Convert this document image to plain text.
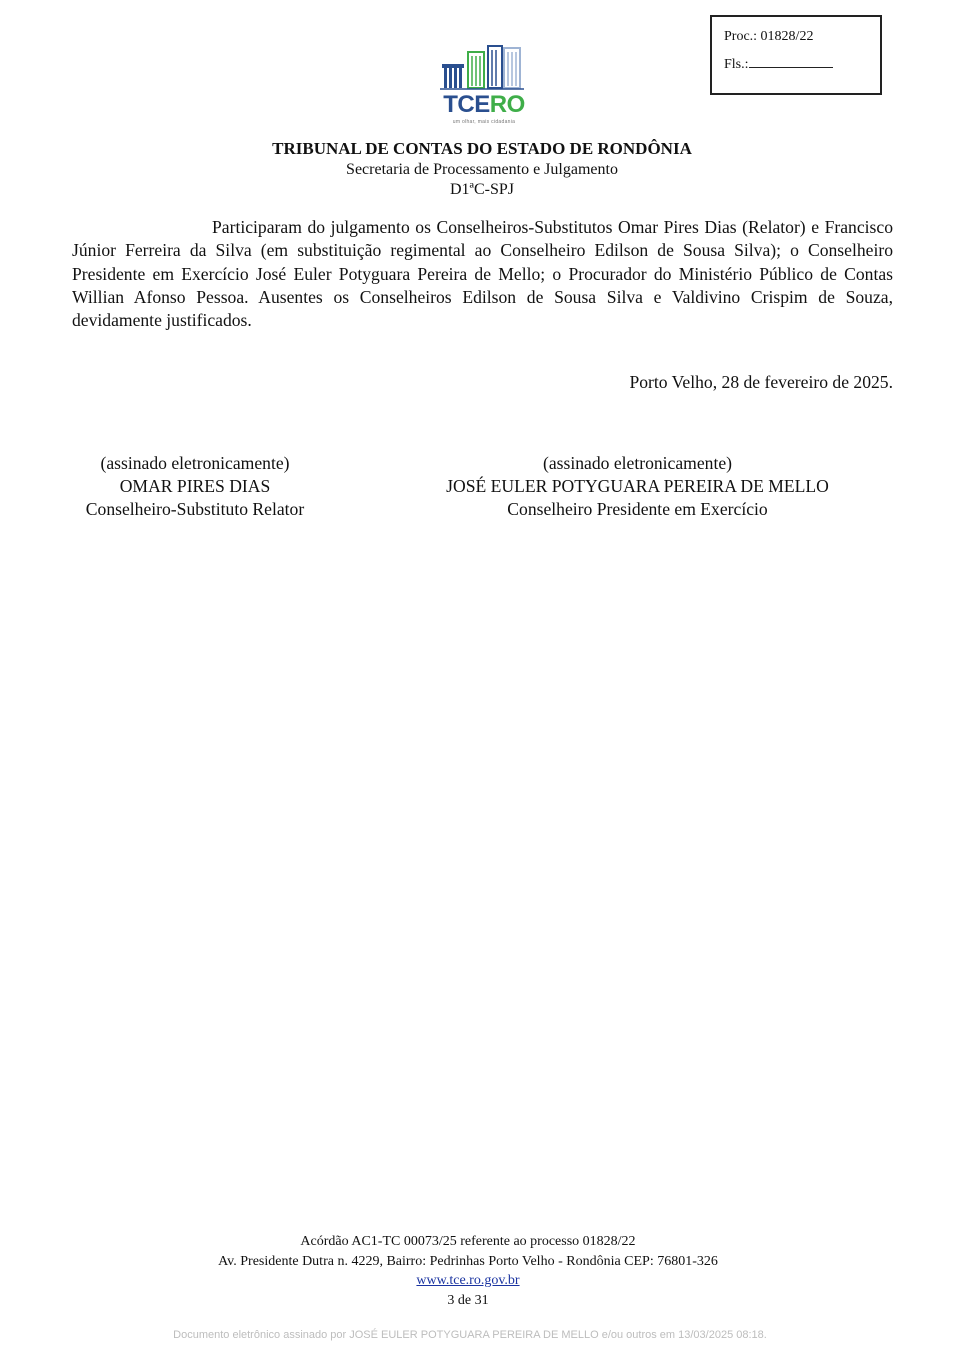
Proc.: 01828/22
Fls.:
TCERO
um olhar, mais cidadania
TRIBUNAL DE CONTAS DO ESTADO DE RONDÔNIA
Secretaria de Processamento e Julgamento
D1ªC-SPJ

Participaram do julgamento os Conselheiros-Substitutos Omar Pires Dias (Relator) e Francisco Júnior Ferreira da Silva (em substituição regimental ao Conselheiro Edilson de Sousa Silva); o Conselheiro Presidente em Exercício José Euler Potyguara Pereira de Mello; o Procurador do Ministério Público de Contas Willian Afonso Pessoa. Ausentes os Conselheiros Edilson de Sousa Silva e Valdivino Crispim de Souza, devidamente justificados.

Porto Velho, 28 de fevereiro de 2025.
(assinado eletronicamente)
OMAR PIRES DIAS
Conselheiro-Substituto Relator
(assinado eletronicamente)
JOSÉ EULER POTYGUARA PEREIRA DE MELLO
Conselheiro Presidente em Exercício
Acórdão AC1-TC 00073/25 referente ao processo 01828/22
Av. Presidente Dutra n. 4229, Bairro: Pedrinhas Porto Velho - Rondônia CEP: 76801-326
www.tce.ro.gov.br
3 de 31
Documento eletrônico assinado por JOSÉ EULER POTYGUARA PEREIRA DE MELLO e/ou outros em 13/03/2025 08:18.
